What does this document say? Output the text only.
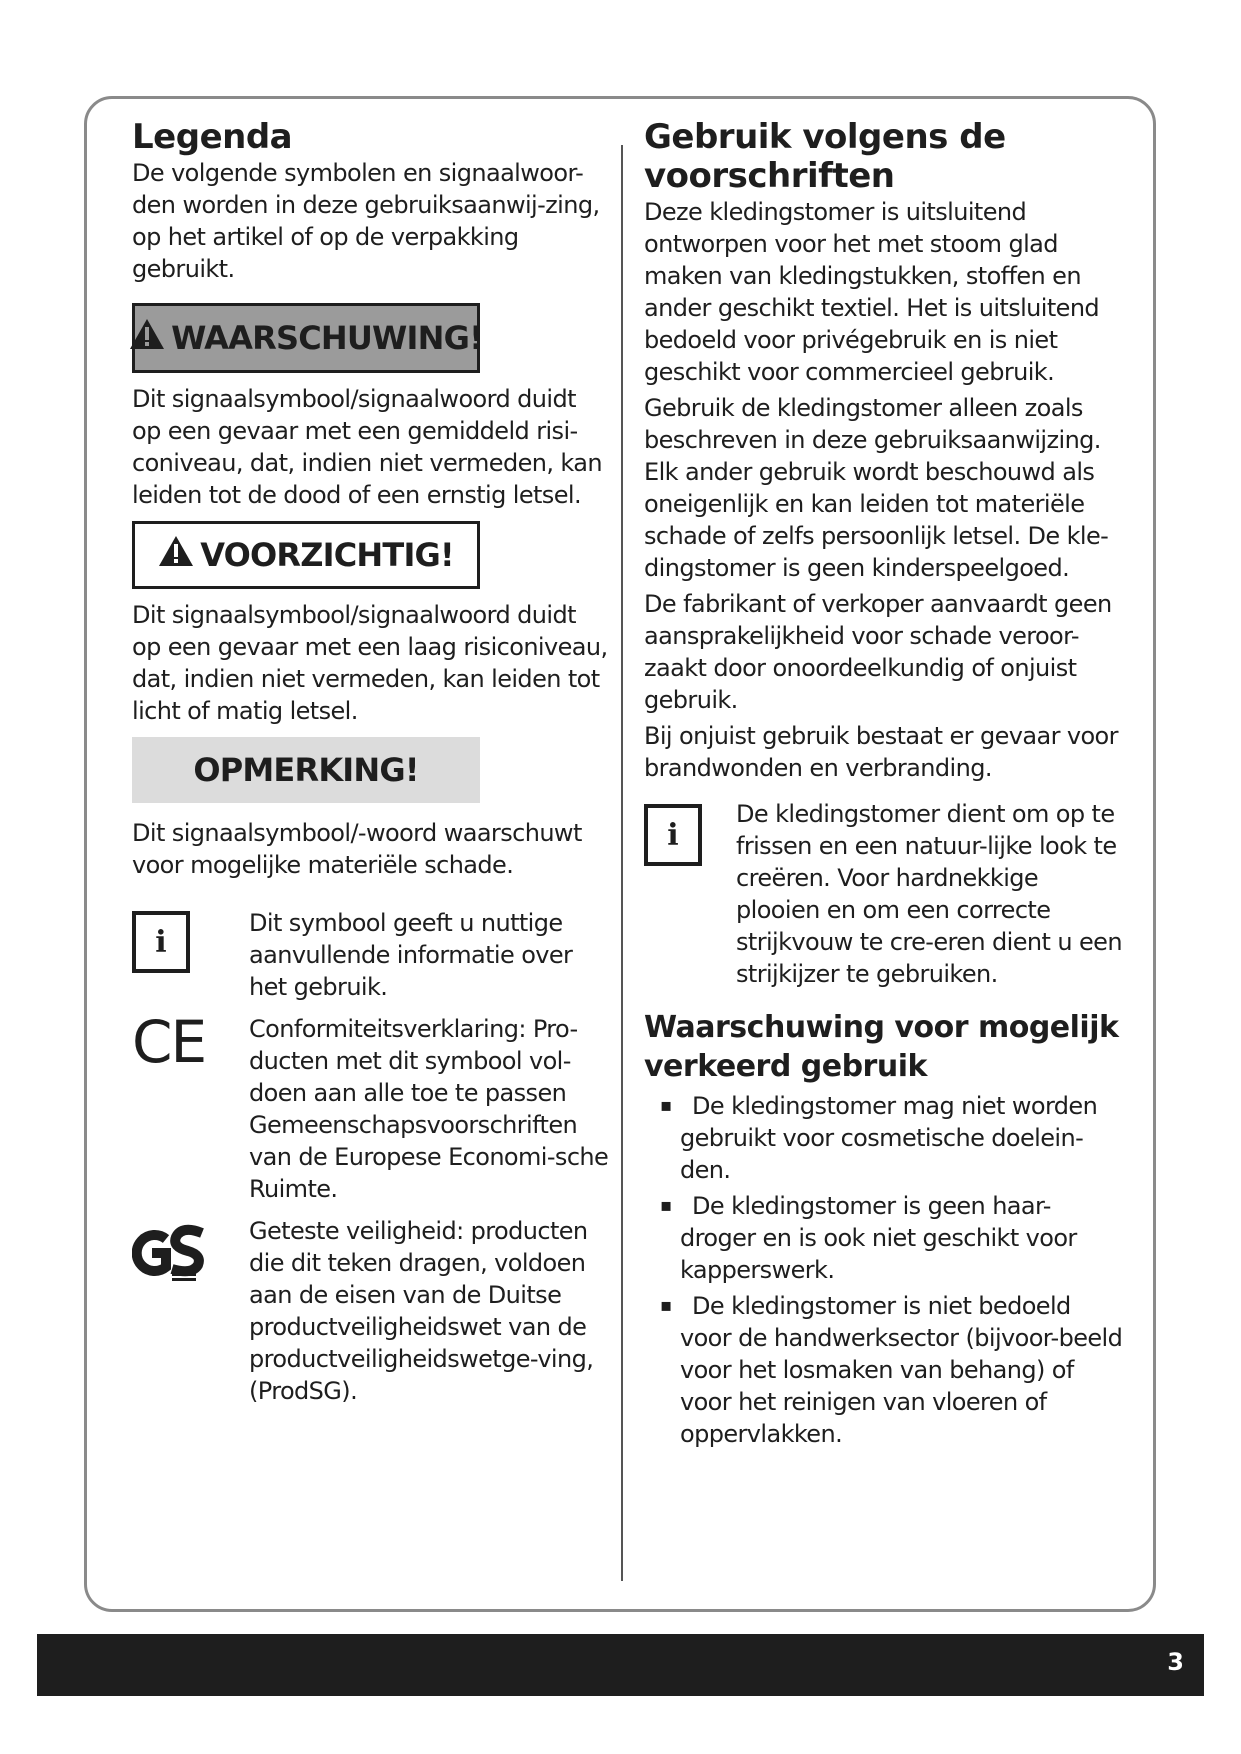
Legenda

De volgende symbolen en signaalwoor-den worden in deze gebruiksaanwij-zing, op het artikel of op de verpakking gebruikt.

WAARSCHUWING!

Dit signaalsymbool/signaalwoord duidt op een gevaar met een gemiddeld risi-coniveau, dat, indien niet vermeden, kan leiden tot de dood of een ernstig letsel.

VOORZICHTIG!

Dit signaalsymbool/signaalwoord duidt op een gevaar met een laag risiconiveau, dat, indien niet vermeden, kan leiden tot licht of matig letsel.

OPMERKING!

Dit signaalsymbool/-woord waarschuwt voor mogelijke materiële schade.

i

Dit symbool geeft u nuttige aanvullende informatie over het gebruik.

CE	Conformiteitsverklaring: Pro-ducten met dit symbool vol-doen aan alle toe te passen Gemeenschapsvoorschriften van de Europese Economi-sche Ruimte.

Geteste veiligheid: producten die dit teken dragen, voldoen aan de eisen van de Duitse productveiligheidswet van de productveiligheidswetge-ving, (ProdSG).

Gebruik volgens de voorschriften

Deze kledingstomer is uitsluitend ontworpen voor het met stoom glad maken van kledingstukken, stoffen en ander geschikt textiel. Het is uitsluitend bedoeld voor privégebruik en is niet geschikt voor commercieel gebruik.

Gebruik de kledingstomer alleen zoals beschreven in deze gebruiksaanwijzing. Elk ander gebruik wordt beschouwd als oneigenlijk en kan leiden tot materiële schade of zelfs persoonlijk letsel. De kle-dingstomer is geen kinderspeelgoed.

De fabrikant of verkoper aanvaardt geen aansprakelijkheid voor schade veroor-zaakt door onoordeelkundig of onjuist gebruik.

Bij onjuist gebruik bestaat er gevaar voor brandwonden en verbranding.

i

De kledingstomer dient om op te frissen en een natuur-lijke look te creëren. Voor hardnekkige plooien en om een correcte strijkvouw te cre-eren dient u een strijkijzer te gebruiken.

Waarschuwing voor mogelijk verkeerd gebruik
▪ De kledingstomer mag niet worden gebruikt voor cosmetische doelein-den.
▪ De kledingstomer is geen haar-droger en is ook niet geschikt voor kapperswerk.
▪ De kledingstomer is niet bedoeld voor de handwerksector (bijvoor-beeld voor het losmaken van behang) of voor het reinigen van vloeren of oppervlakken.
3
